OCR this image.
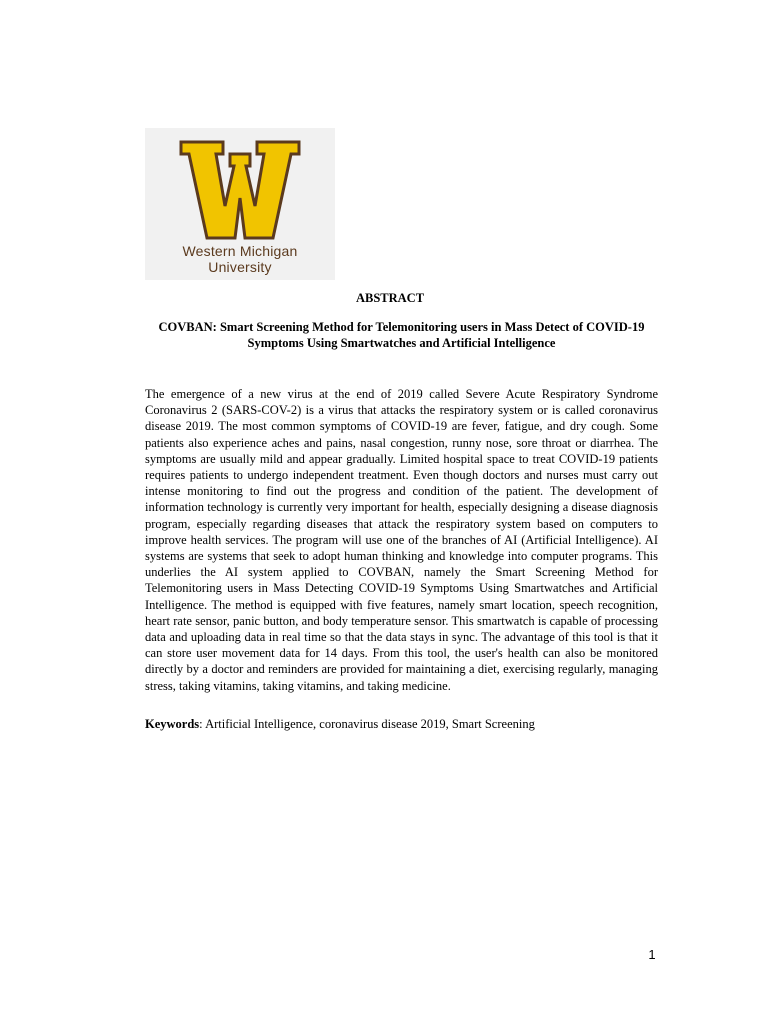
Western Michigan
University
ABSTRACT
COVBAN: Smart Screening Method for Telemonitoring users in Mass Detect of COVID-19 Symptoms Using Smartwatches and Artificial Intelligence

The emergence of a new virus at the end of 2019 called Severe Acute Respiratory Syndrome Coronavirus 2 (SARS-COV-2) is a virus that attacks the respiratory system or is called coronavirus disease 2019. The most common symptoms of COVID-19 are fever, fatigue, and dry cough. Some patients also experience aches and pains, nasal congestion, runny nose, sore throat or diarrhea. The symptoms are usually mild and appear gradually. Limited hospital space to treat COVID-19 patients requires patients to undergo independent treatment. Even though doctors and nurses must carry out intense monitoring to find out the progress and condition of the patient. The development of information technology is currently very important for health, especially designing a disease diagnosis program, especially regarding diseases that attack the respiratory system based on computers to improve health services. The program will use one of the branches of AI (Artificial Intelligence). AI systems are systems that seek to adopt human thinking and knowledge into computer programs. This underlies the AI system applied to COVBAN, namely the Smart Screening Method for Telemonitoring users in Mass Detecting COVID-19 Symptoms Using Smartwatches and Artificial Intelligence. The method is equipped with five features, namely smart location, speech recognition, heart rate sensor, panic button, and body temperature sensor. This smartwatch is capable of processing data and uploading data in real time so that the data stays in sync. The advantage of this tool is that it can store user movement data for 14 days. From this tool, the user's health can also be monitored directly by a doctor and reminders are provided for maintaining a diet, exercising regularly, managing stress, taking vitamins, taking vitamins, and taking medicine.

Keywords: Artificial Intelligence, coronavirus disease 2019, Smart Screening
1
